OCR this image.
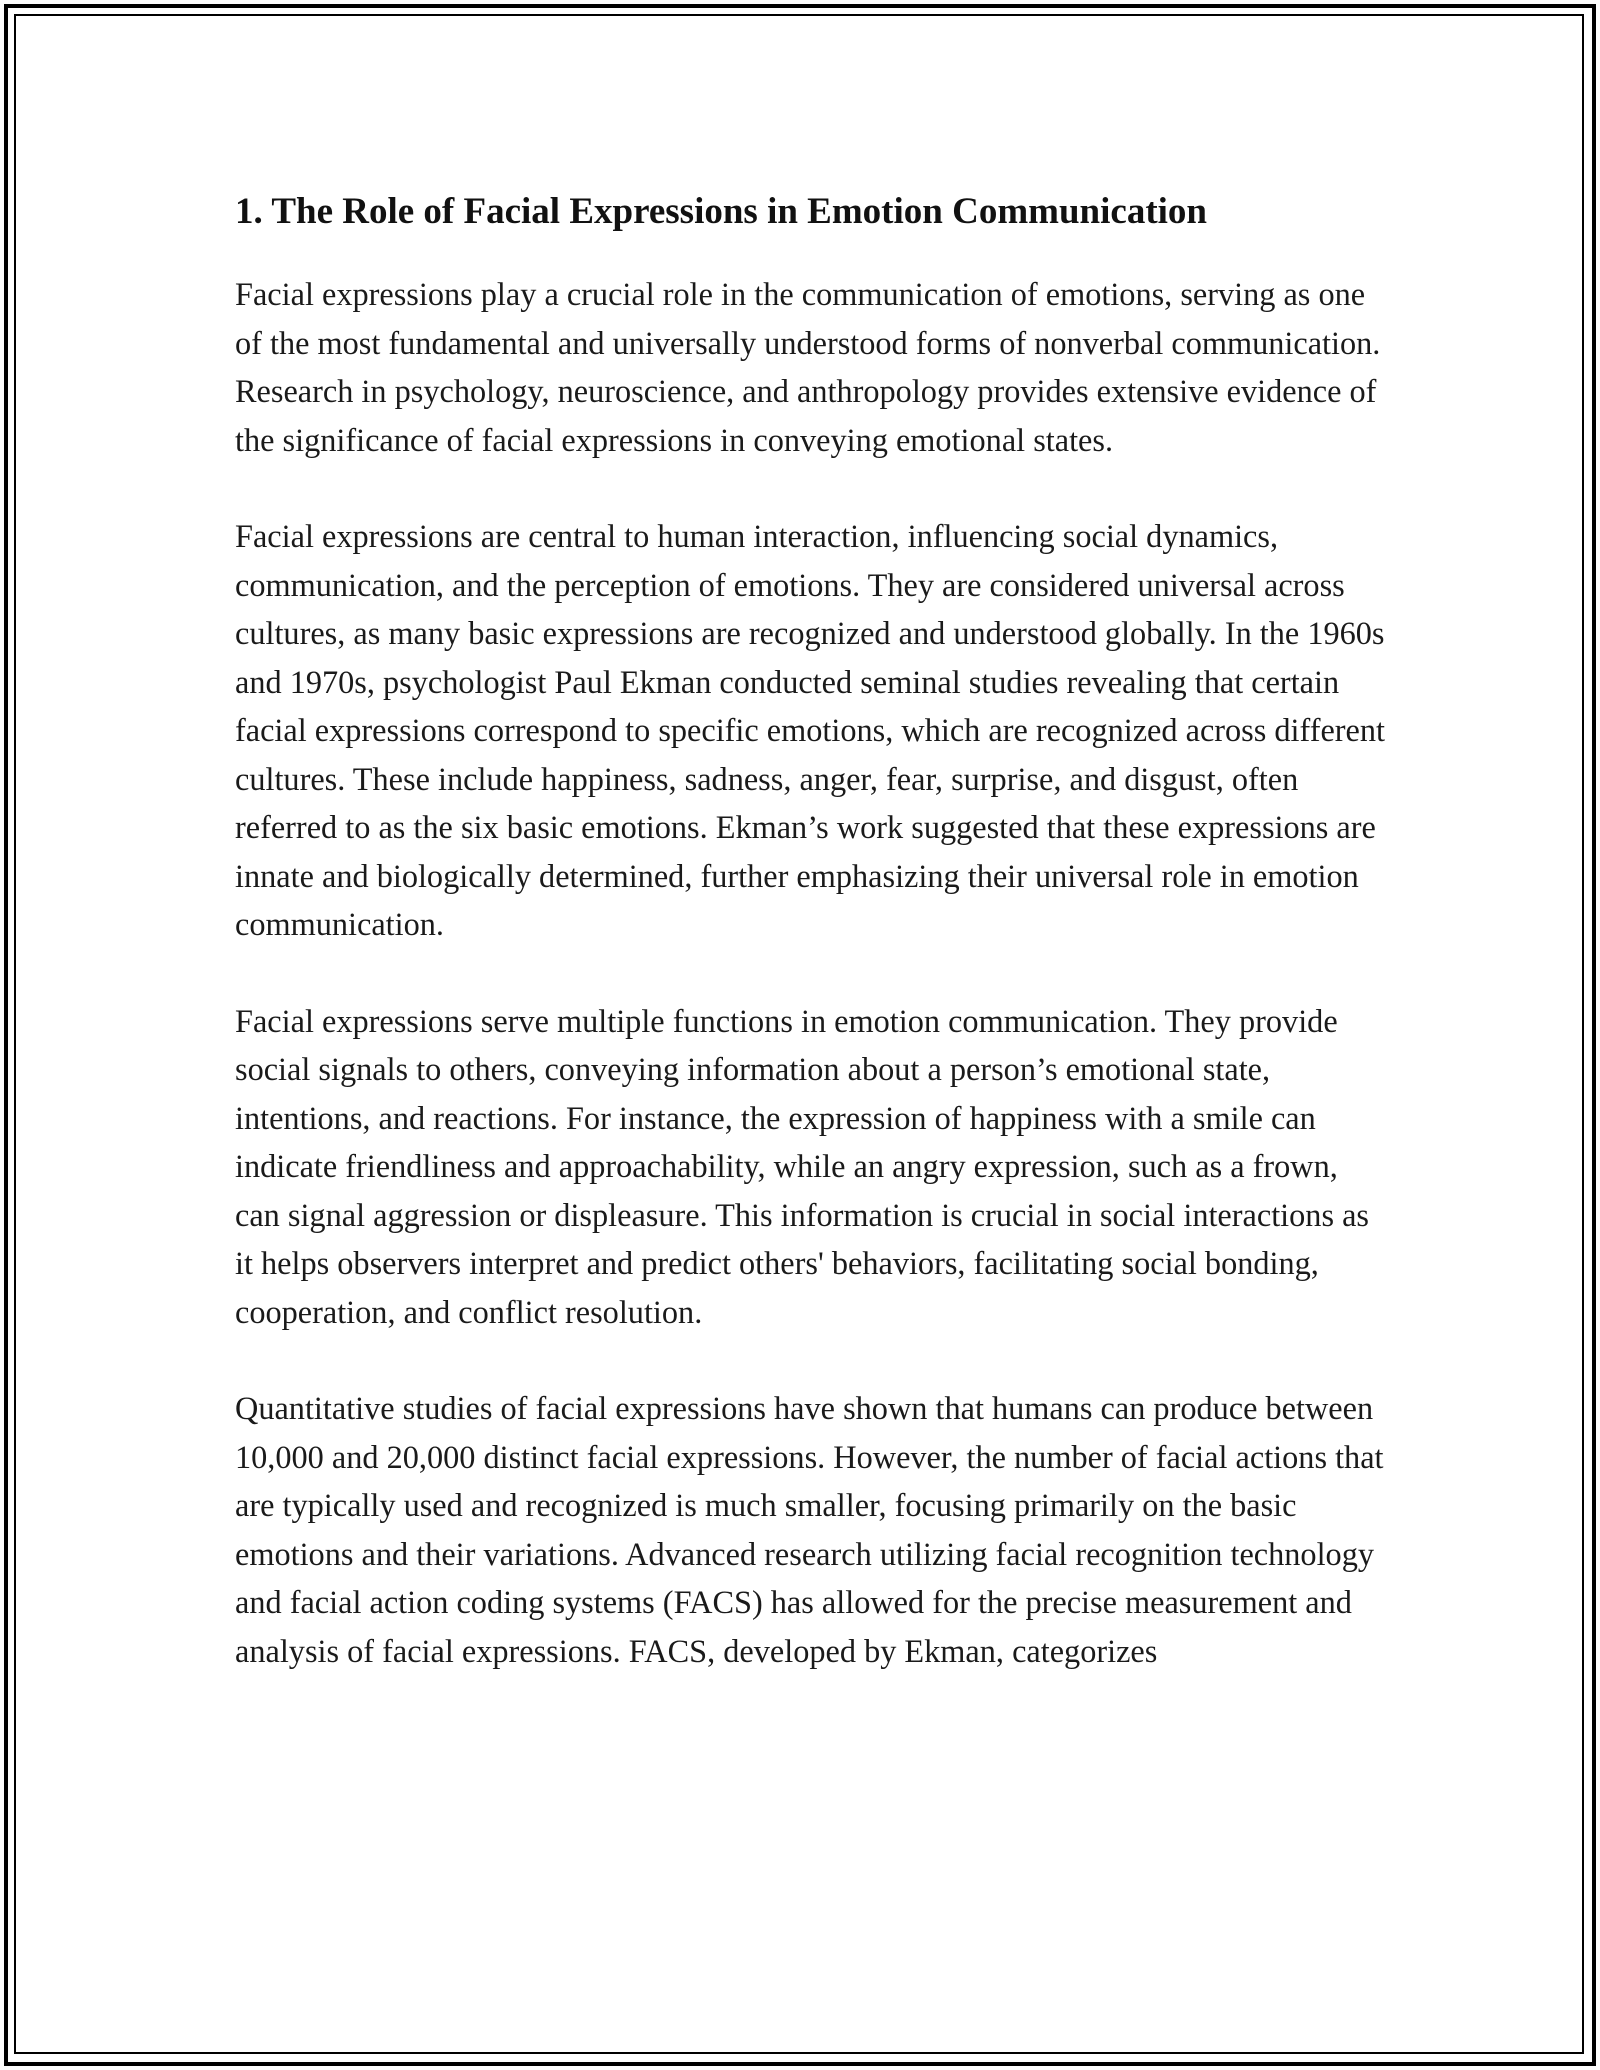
1. The Role of Facial Expressions in Emotion Communication

Facial expressions play a crucial role in the communication of emotions, serving as one of the most fundamental and universally understood forms of nonverbal communication. Research in psychology, neuroscience, and anthropology provides extensive evidence of the significance of facial expressions in conveying emotional states.

Facial expressions are central to human interaction, influencing social dynamics, communication, and the perception of emotions. They are considered universal across cultures, as many basic expressions are recognized and understood globally. In the 1960s and 1970s, psychologist Paul Ekman conducted seminal studies revealing that certain facial expressions correspond to specific emotions, which are recognized across different cultures. These include happiness, sadness, anger, fear, surprise, and disgust, often referred to as the six basic emotions. Ekman’s work suggested that these expressions are innate and biologically determined, further emphasizing their universal role in emotion communication.

Facial expressions serve multiple functions in emotion communication. They provide social signals to others, conveying information about a person’s emotional state, intentions, and reactions. For instance, the expression of happiness with a smile can indicate friendliness and approachability, while an angry expression, such as a frown, can signal aggression or displeasure. This information is crucial in social interactions as it helps observers interpret and predict others' behaviors, facilitating social bonding, cooperation, and conflict resolution.

Quantitative studies of facial expressions have shown that humans can produce between 10,000 and 20,000 distinct facial expressions. However, the number of facial actions that are typically used and recognized is much smaller, focusing primarily on the basic emotions and their variations. Advanced research utilizing facial recognition technology and facial action coding systems (FACS) has allowed for the precise measurement and analysis of facial expressions. FACS, developed by Ekman, categorizes
